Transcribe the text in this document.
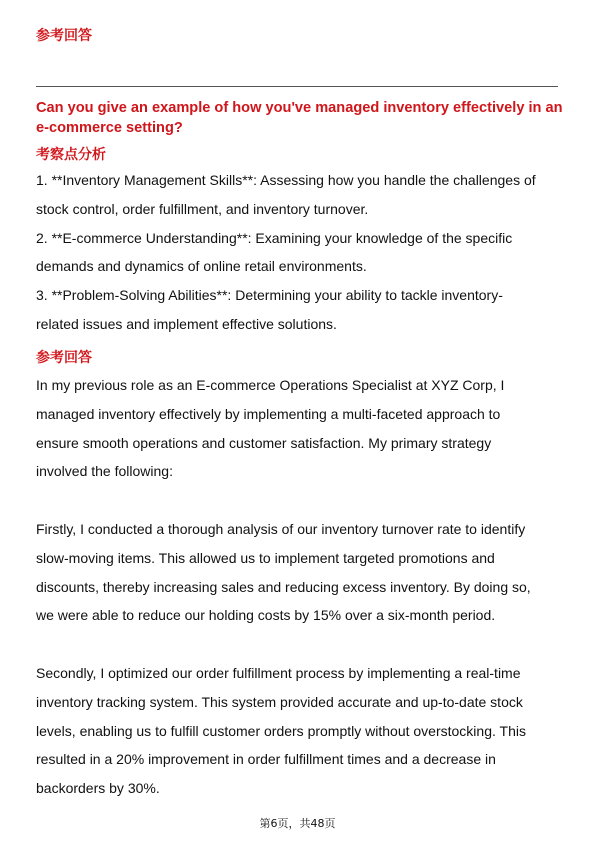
参考回答
Can you give an example of how you've managed inventory effectively in an e-commerce setting?
考察点分析

1. **Inventory Management Skills**: Assessing how you handle the challenges of

stock control, order fulfillment, and inventory turnover.

2. **E-commerce Understanding**: Examining your knowledge of the specific

demands and dynamics of online retail environments.

3. **Problem-Solving Abilities**: Determining your ability to tackle inventory-

related issues and implement effective solutions.

参考回答

In my previous role as an E-commerce Operations Specialist at XYZ Corp, I

managed inventory effectively by implementing a multi-faceted approach to

ensure smooth operations and customer satisfaction. My primary strategy

involved the following:

Firstly, I conducted a thorough analysis of our inventory turnover rate to identify

slow-moving items. This allowed us to implement targeted promotions and

discounts, thereby increasing sales and reducing excess inventory. By doing so,

we were able to reduce our holding costs by 15% over a six-month period.

Secondly, I optimized our order fulfillment process by implementing a real-time

inventory tracking system. This system provided accurate and up-to-date stock

levels, enabling us to fulfill customer orders promptly without overstocking. This

resulted in a 20% improvement in order fulfillment times and a decrease in

backorders by 30%.

第6页，共48页
